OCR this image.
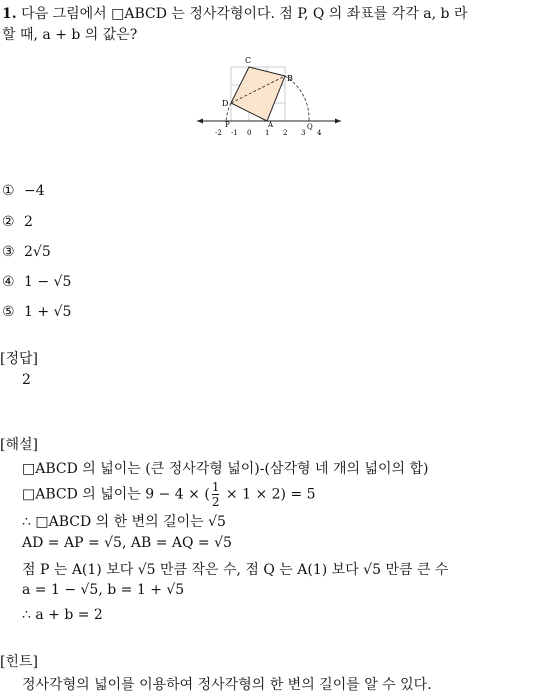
1. 다음 그림에서 □ABCD 는 정사각형이다. 점 P, Q 의 좌표를 각각 a, b 라
할 때, a + b 의 값은?
C
B
D
A
P	Q
-2 -1 0 1 2 3 4
① −4
② 2
③ 2√5
④ 1 − √5
⑤ 1 + √5
[정답]
2
[해설]
□ABCD 의 넓이는 (큰 정사각형 넓이)-(삼각형 네 개의 넓이의 합)
□ABCD 의 넓이는 9 − 4 × ( $\frac{1}{2} \times 1 \times 2) = 5$
∴ □ABCD 의 한 변의 길이는 √5
AD = AP = √5, AB = AQ = √5
점 P 는 A(1) 보다 √5 만큼 작은 수, 점 Q 는 A(1) 보다 √5 만큼 큰 수
a = 1 − √5, b = 1 + √5
∴ a + b = 2
[힌트]
정사각형의 넓이를 이용하여 정사각형의 한 변의 길이를 알 수 있다.
